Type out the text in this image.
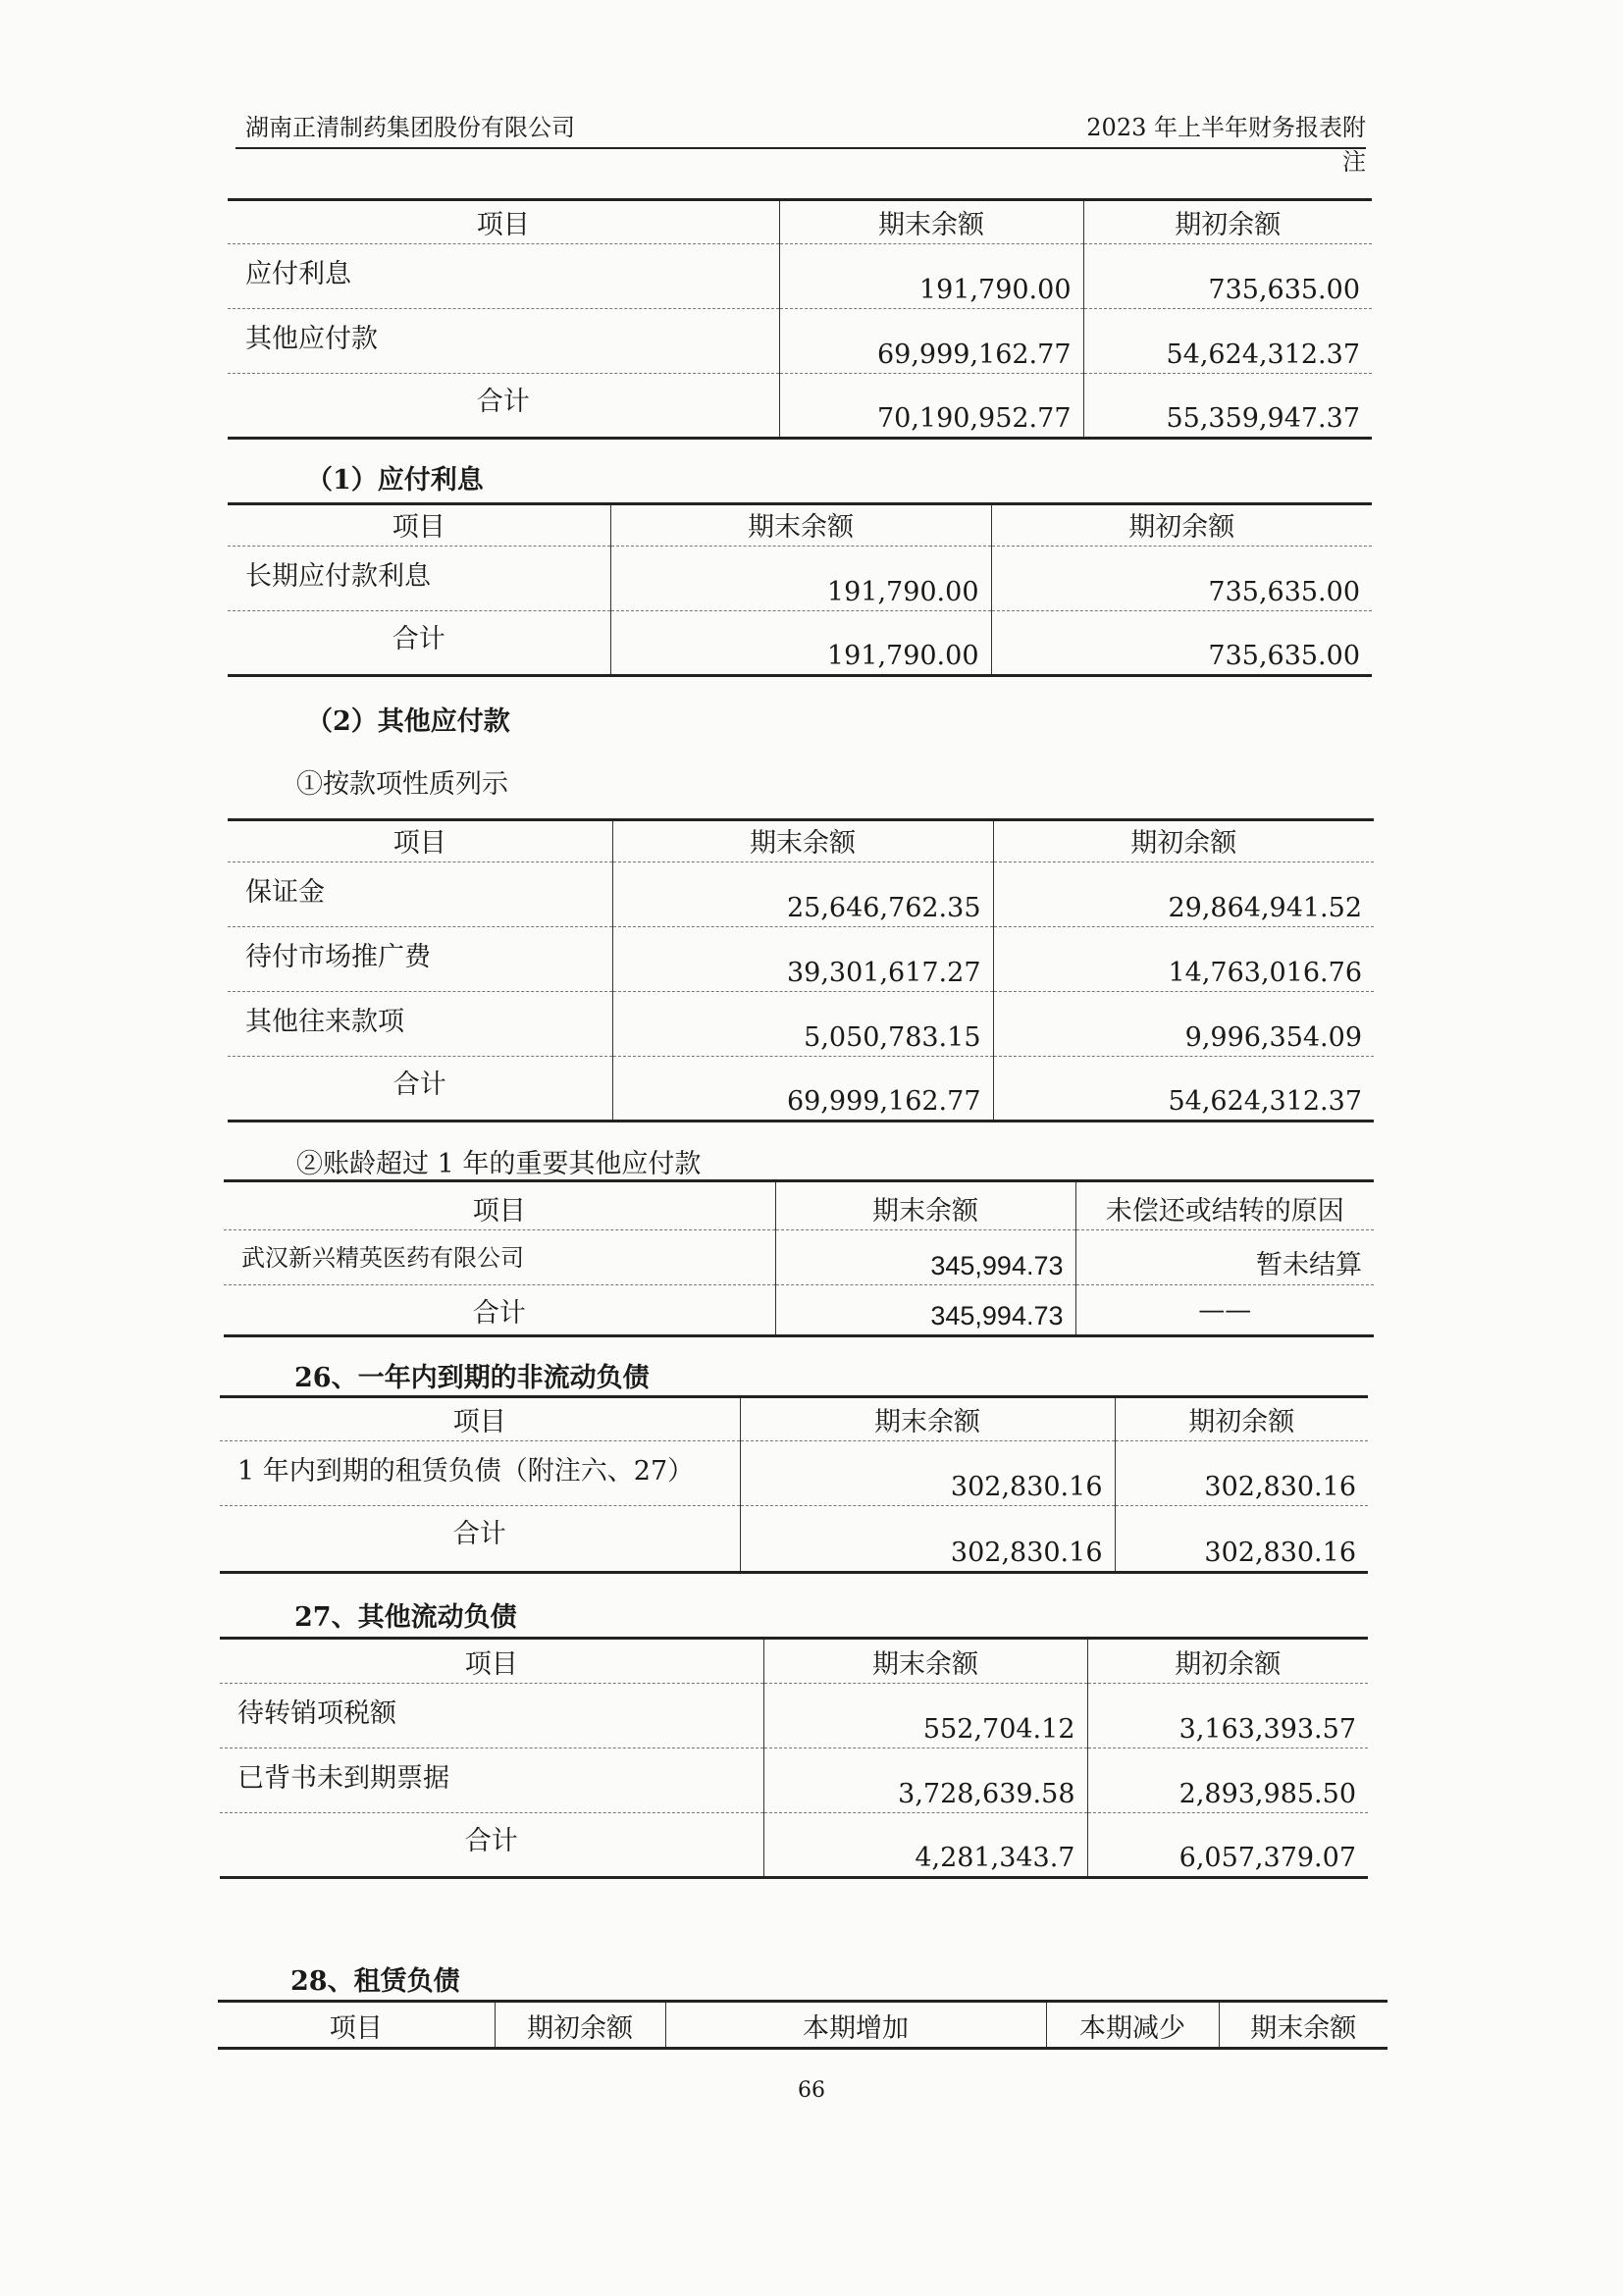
湖南正清制药集团股份有限公司	2023 年上半年财务报表附注
项目	期末余额	期初余额
应付利息	191,790.00	735,635.00
其他应付款	69,999,162.77	54,624,312.37
合计	70,190,952.77	55,359,947.37
（1）应付利息
项目	期末余额	期初余额
长期应付款利息	191,790.00	735,635.00
合计	191,790.00	735,635.00
（2）其他应付款
①按款项性质列示
项目	期末余额	期初余额
保证金	25,646,762.35	29,864,941.52
待付市场推广费	39,301,617.27	14,763,016.76
其他往来款项	5,050,783.15	9,996,354.09
合计	69,999,162.77	54,624,312.37
②账龄超过 1 年的重要其他应付款
项目	期末余额	未偿还或结转的原因
武汉新兴精英医药有限公司	345,994.73	暂未结算
合计	345,994.73	——
26、一年内到期的非流动负债
项目	期末余额	期初余额
1 年内到期的租赁负债（附注六、27）	302,830.16	302,830.16
合计	302,830.16	302,830.16
27、其他流动负债
项目	期末余额	期初余额
待转销项税额	552,704.12	3,163,393.57
已背书未到期票据	3,728,639.58	2,893,985.50
合计	4,281,343.7	6,057,379.07
28、租赁负债
项目	期初余额	本期增加	本期减少	期末余额
66
